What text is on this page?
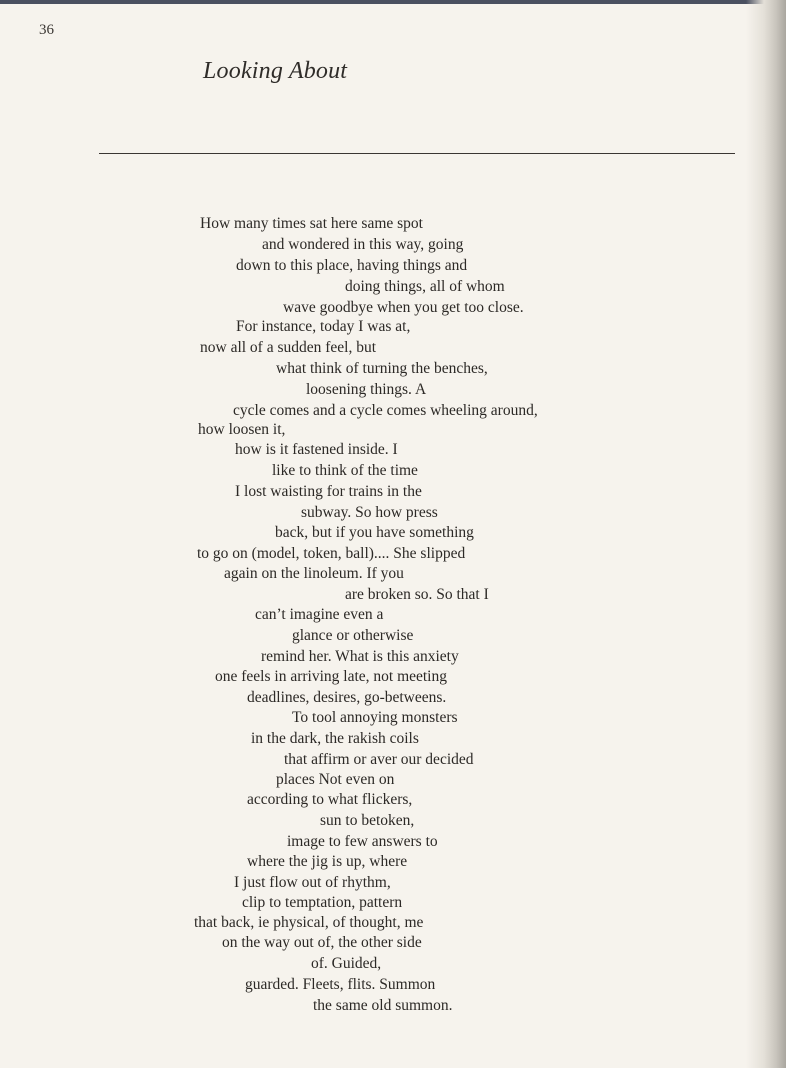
36
Looking About
How many times sat here same spot
and wondered in this way, going
down to this place, having things and
doing things, all of whom
wave goodbye when you get too close.
For instance, today I was at,
now all of a sudden feel, but
what think of turning the benches,
loosening things. A
cycle comes and a cycle comes wheeling around,
how loosen it,
how is it fastened inside. I
like to think of the time
I lost waisting for trains in the
subway. So how press
back, but if you have something
to go on (model, token, ball).... She slipped
again on the linoleum. If you
are broken so. So that I
can’t imagine even a
glance or otherwise
remind her. What is this anxiety
one feels in arriving late, not meeting
deadlines, desires, go-betweens.
To tool annoying monsters
in the dark, the rakish coils
that affirm or aver our decided
places Not even on
according to what flickers,
sun to betoken,
image to few answers to
where the jig is up, where
I just flow out of rhythm,
clip to temptation, pattern
that back, ie physical, of thought, me
on the way out of, the other side
of. Guided,
guarded. Fleets, flits. Summon
the same old summon.
